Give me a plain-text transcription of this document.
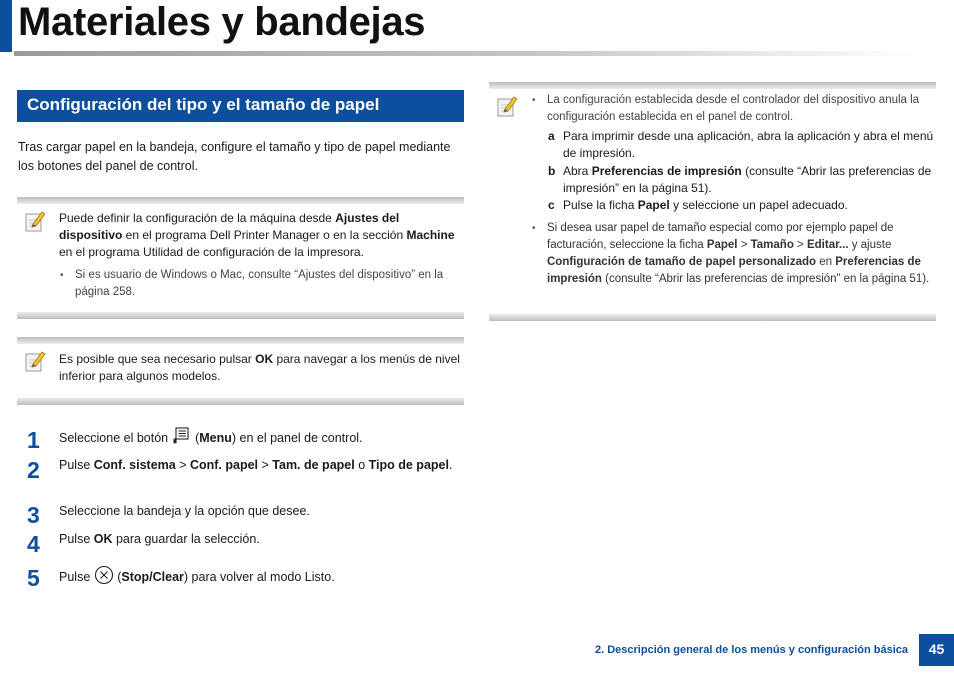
Materiales y bandejas
Configuración del tipo y el tamaño de papel
Tras cargar papel en la bandeja, configure el tamaño y tipo de papel mediante los botones del panel de control.
Puede definir la configuración de la máquina desde Ajustes del dispositivo en el programa Dell Printer Manager o en la sección Machine en el programa Utilidad de configuración de la impresora.
• Si es usuario de Windows o Mac, consulte “Ajustes del dispositivo” en la página 258.
Es posible que sea necesario pulsar OK para navegar a los menús de nivel inferior para algunos modelos.
1 Seleccione el botón  (Menu) en el panel de control.
2 Pulse Conf. sistema > Conf. papel > Tam. de papel o Tipo de papel.
3 Seleccione la bandeja y la opción que desee.
4 Pulse OK para guardar la selección.
5 Pulse  (Stop/Clear) para volver al modo Listo.
• La configuración establecida desde el controlador del dispositivo anula la configuración establecida en el panel de control.
a Para imprimir desde una aplicación, abra la aplicación y abra el menú de impresión.
b Abra Preferencias de impresión (consulte “Abrir las preferencias de impresión” en la página 51).
c Pulse la ficha Papel y seleccione un papel adecuado.
• Si desea usar papel de tamaño especial como por ejemplo papel de facturación, seleccione la ficha Papel > Tamaño > Editar... y ajuste Configuración de tamaño de papel personalizado en Preferencias de impresión (consulte “Abrir las preferencias de impresión” en la página 51).
2. Descripción general de los menús y configuración básica	45
